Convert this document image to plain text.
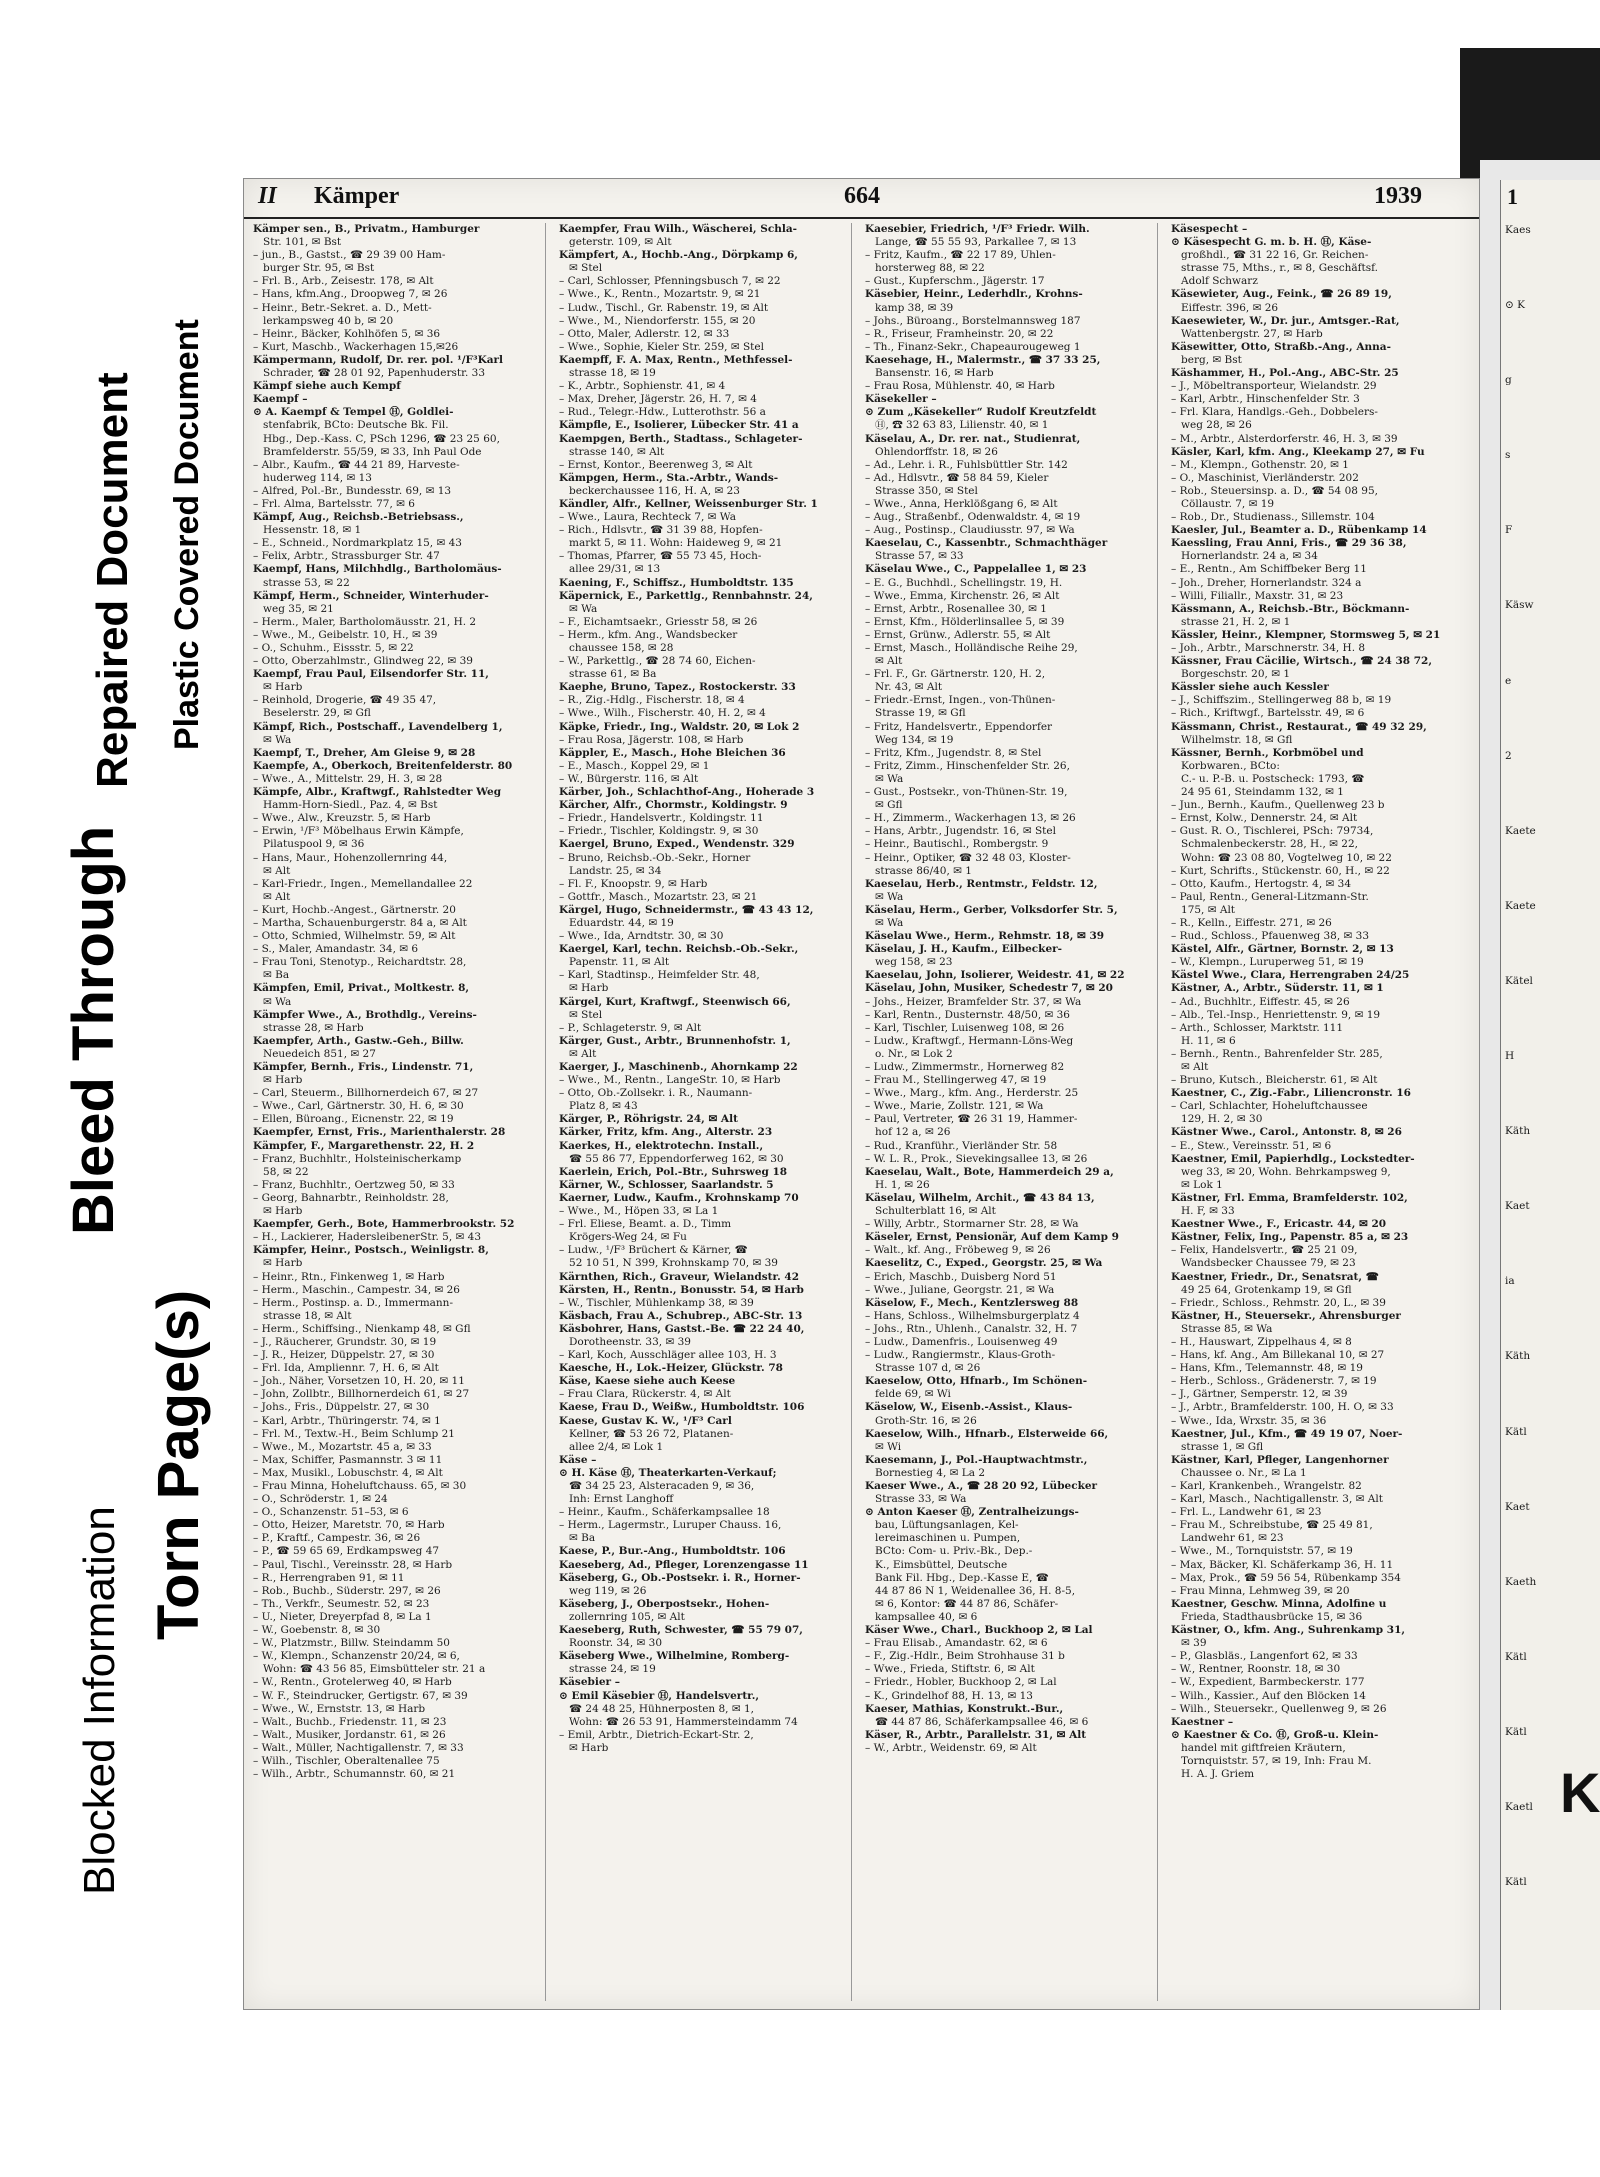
Blocked Information
Torn Page(s)
Bleed Through
Repaired Document Plastic Covered Document
II Kämper	664	1939
Kämper sen., B., Privatm., Hamburger
Str. 101, ✉ Bst
– jun., B., Gastst., ☎ 29 39 00 Ham-
burger Str. 95, ✉ Bst
– Frl. B., Arb., Zeisestr. 178, ✉ Alt
– Hans, kfm.Ang., Droopweg 7, ✉ 26
– Heinr., Betr.-Sekret. a. D., Mett-
lerkampsweg 40 b, ✉ 20
– Heinr., Bäcker, Kohlhöfen 5, ✉ 36
– Kurt, Maschb., Wackerhagen 15,✉26
Kämpermann, Rudolf, Dr. rer. pol. ¹/F³Karl
Schrader, ☎ 28 01 92, Papenhuderstr. 33
Kämpf siehe auch Kempf
Kaempf –
⊙ A. Kaempf & Tempel Ⓗ, Goldlei-
stenfabrik, BCto: Deutsche Bk. Fil.
Hbg., Dep.-Kass. C, PSch 1296, ☎ 23 25 60,
Bramfelderstr. 55/59, ✉ 33, Inh Paul Ode
– Albr., Kaufm., ☎ 44 21 89, Harveste-
huderweg 114, ✉ 13
– Alfred, Pol.-Br., Bundesstr. 69, ✉ 13
– Frl. Alma, Bartelsstr. 77, ✉ 6
Kämpf, Aug., Reichsb.-Betriebsass.,
Hessenstr. 18, ✉ 1
– E., Schneid., Nordmarkplatz 15, ✉ 43
– Felix, Arbtr., Strassburger Str. 47
Kaempf, Hans, Milchhdlg., Bartholomäus-
strasse 53, ✉ 22
Kämpf, Herm., Schneider, Winterhuder-
weg 35, ✉ 21
– Herm., Maler, Bartholomäusstr. 21, H. 2
– Wwe., M., Geibelstr. 10, H., ✉ 39
– O., Schuhm., Eissstr. 5, ✉ 22
– Otto, Oberzahlmstr., Glindweg 22, ✉ 39
Kaempf, Frau Paul, Eilsendorfer Str. 11,
✉ Harb
– Reinhold, Drogerie, ☎ 49 35 47,
Beselerstr. 29, ✉ Gfl
Kämpf, Rich., Postschaff., Lavendelberg 1,
✉ Wa
Kaempf, T., Dreher, Am Gleise 9, ✉ 28
Kaempfe, A., Oberkoch, Breitenfelderstr. 80
– Wwe., A., Mittelstr. 29, H. 3, ✉ 28
Kämpfe, Albr., Kraftwgf., Rahlstedter Weg
Hamm-Horn-Siedl., Paz. 4, ✉ Bst
– Wwe., Alw., Kreuzstr. 5, ✉ Harb
– Erwin, ¹/F³ Möbelhaus Erwin Kämpfe,
Pilatuspool 9, ✉ 36
– Hans, Maur., Hohenzollernring 44,
✉ Alt
– Karl-Friedr., Ingen., Memellandallee 22
✉ Alt
– Kurt, Hochb.-Angest., Gärtnerstr. 20
– Martha, Schauenburgerstr. 84 a, ✉ Alt
– Otto, Schmied, Wilhelmstr. 59, ✉ Alt
– S., Maler, Amandastr. 34, ✉ 6
– Frau Toni, Stenotyp., Reichardtstr. 28,
✉ Ba
Kämpfen, Emil, Privat., Moltkestr. 8,
✉ Wa
Kämpfer Wwe., A., Brothdlg., Vereins-
strasse 28, ✉ Harb
Kaempfer, Arth., Gastw.-Geh., Billw.
Neuedeich 851, ✉ 27
Kämpfer, Bernh., Fris., Lindenstr. 71,
✉ Harb
– Carl, Steuerm., Billhornerdeich 67, ✉ 27
– Wwe., Carl, Gärtnerstr. 30, H. 6, ✉ 30
– Ellen, Büroang., Eicnenstr. 22, ✉ 19
Kaempfer, Ernst, Fris., Marienthalerstr. 28
Kämpfer, F., Margarethenstr. 22, H. 2
– Franz, Buchhltr., Holsteinischerkamp
58, ✉ 22
– Franz, Buchhltr., Oertzweg 50, ✉ 33
– Georg, Bahnarbtr., Reinholdstr. 28,
✉ Harb
Kaempfer, Gerh., Bote, Hammerbrookstr. 52
– H., Lackierer, HadersleibenerStr. 5, ✉ 43
Kämpfer, Heinr., Postsch., Weinligstr. 8,
✉ Harb
– Heinr., Rtn., Finkenweg 1, ✉ Harb
– Herm., Maschin., Campestr. 34, ✉ 26
– Herm., Postinsp. a. D., Immermann-
strasse 18, ✉ Alt
– Herm., Schiffsing., Nienkamp 48, ✉ Gfl
– J., Räucherer, Grundstr. 30, ✉ 19
– J. R., Heizer, Düppelstr. 27, ✉ 30
– Frl. Ida, Ampliennr. 7, H. 6, ✉ Alt
– Joh., Näher, Vorsetzen 10, H. 20, ✉ 11
– John, Zollbtr., Billhornerdeich 61, ✉ 27
– Johs., Fris., Düppelstr. 27, ✉ 30
– Karl, Arbtr., Thüringerstr. 74, ✉ 1
– Frl. M., Textw.-H., Beim Schlump 21
– Wwe., M., Mozartstr. 45 a, ✉ 33
– Max, Schiffer, Pasmannstr. 3 ✉ 11
– Max, Musikl., Lobuschstr. 4, ✉ Alt
– Frau Minna, Hoheluftchauss. 65, ✉ 30
– O., Schröderstr. 1, ✉ 24
– O., Schanzenstr. 51–53, ✉ 6
– Otto, Heizer, Maretstr. 70, ✉ Harb
– P., Kraftf., Campestr. 36, ✉ 26
– P., ☎ 59 65 69, Erdkampsweg 47
– Paul, Tischl., Vereinsstr. 28, ✉ Harb
– R., Herrengraben 91, ✉ 11
– Rob., Buchb., Süderstr. 297, ✉ 26
– Th., Verkfr., Seumestr. 52, ✉ 23
– U., Nieter, Dreyerpfad 8, ✉ La 1
– W., Goebenstr. 8, ✉ 30
– W., Platzmstr., Billw. Steindamm 50
– W., Klempn., Schanzenstr 20/24, ✉ 6,
Wohn: ☎ 43 56 85, Eimsbütteler str. 21 a
– W., Rentn., Grotelerweg 40, ✉ Harb
– W. F., Steindrucker, Gertigstr. 67, ✉ 39
– Wwe., W., Ernststr. 13, ✉ Harb
– Walt., Buchb., Friedenstr. 11, ✉ 23
– Walt., Musiker, Jordanstr. 61, ✉ 26
– Walt., Müller, Nachtigallenstr. 7, ✉ 33
– Wilh., Tischler, Oberaltenallee 75
– Wilh., Arbtr., Schumannstr. 60, ✉ 21
Kaempfer, Frau Wilh., Wäscherei, Schla-
geterstr. 109, ✉ Alt
Kämpfert, A., Hochb.-Ang., Dörpkamp 6,
✉ Stel
– Carl, Schlosser, Pfenningsbusch 7, ✉ 22
– Wwe., K., Rentn., Mozartstr. 9, ✉ 21
– Ludw., Tischl., Gr. Rabenstr. 19, ✉ Alt
– Wwe., M., Niendorferstr. 155, ✉ 20
– Otto, Maler, Adlerstr. 12, ✉ 33
– Wwe., Sophie, Kieler Str. 259, ✉ Stel
Kaempff, F. A. Max, Rentn., Methfessel-
strasse 18, ✉ 19
– K., Arbtr., Sophienstr. 41, ✉ 4
– Max, Dreher, Jägerstr. 26, H. 7, ✉ 4
– Rud., Telegr.-Hdw., Lutterothstr. 56 a
Kämpfle, E., Isolierer, Lübecker Str. 41 a
Kaempgen, Berth., Stadtass., Schlageter-
strasse 140, ✉ Alt
– Ernst, Kontor., Beerenweg 3, ✉ Alt
Kämpgen, Herm., Sta.-Arbtr., Wands-
beckerchaussee 116, H. A, ✉ 23
Kändler, Alfr., Kellner, Weissenburger Str. 1
– Wwe., Laura, Rechteck 7, ✉ Wa
– Rich., Hdlsvtr., ☎ 31 39 88, Hopfen-
markt 5, ✉ 11. Wohn: Haideweg 9, ✉ 21
– Thomas, Pfarrer, ☎ 55 73 45, Hoch-
allee 29/31, ✉ 13
Kaening, F., Schiffsz., Humboldtstr. 135
Käpernick, E., Parkettlg., Rennbahnstr. 24,
✉ Wa
– F., Eichamtsaekr., Griesstr 58, ✉ 26
– Herm., kfm. Ang., Wandsbecker
chaussee 158, ✉ 28
– W., Parkettlg., ☎ 28 74 60, Eichen-
strasse 61, ✉ Ba
Kaephe, Bruno, Tapez., Rostockerstr. 33
– R., Zig.-Hdlg., Fischerstr. 18, ✉ 4
– Wwe., Wilh., Fischerstr. 40, H. 2, ✉ 4
Käpke, Friedr., Ing., Waldstr. 20, ✉ Lok 2
– Frau Rosa, Jägerstr. 108, ✉ Harb
Käppler, E., Masch., Hohe Bleichen 36
– E., Masch., Koppel 29, ✉ 1
– W., Bürgerstr. 116, ✉ Alt
Kärber, Joh., Schlachthof-Ang., Hoherade 3
Kärcher, Alfr., Chormstr., Koldingstr. 9
– Friedr., Handelsvertr., Koldingstr. 11
– Friedr., Tischler, Koldingstr. 9, ✉ 30
Kaergel, Bruno, Exped., Wendenstr. 329
– Bruno, Reichsb.-Ob.-Sekr., Horner
Landstr. 25, ✉ 34
– Fl. F., Knoopstr. 9, ✉ Harb
– Gottfr., Masch., Mozartstr. 23, ✉ 21
Kärgel, Hugo, Schneidermstr., ☎ 43 43 12,
Eduardstr. 44, ✉ 19
– Wwe., Ida, Arndtstr. 30, ✉ 30
Kaergel, Karl, techn. Reichsb.-Ob.-Sekr.,
Papenstr. 11, ✉ Alt
– Karl, Stadtinsp., Heimfelder Str. 48,
✉ Harb
Kärgel, Kurt, Kraftwgf., Steenwisch 66,
✉ Stel
– P., Schlageterstr. 9, ✉ Alt
Kärger, Gust., Arbtr., Brunnenhofstr. 1,
✉ Alt
Kaerger, J., Maschinenb., Ahornkamp 22
– Wwe., M., Rentn., LangeStr. 10, ✉ Harb
– Otto, Ob.-Zollsekr. i. R., Naumann-
Platz 8, ✉ 43
Kärger, P., Röhrigstr. 24, ✉ Alt
Kärker, Fritz, kfm. Ang., Alterstr. 23
Kaerkes, H., elektrotechn. Install.,
☎ 55 86 77, Eppendorferweg 162, ✉ 30
Kaerlein, Erich, Pol.-Btr., Suhrsweg 18
Kärner, W., Schlosser, Saarlandstr. 5
Kaerner, Ludw., Kaufm., Krohnskamp 70
– Wwe., M., Höpen 33, ✉ La 1
– Frl. Eliese, Beamt. a. D., Timm
Krögers-Weg 24, ✉ Fu
– Ludw., ¹/F³ Brüchert & Kärner, ☎
52 10 51, N 399, Krohnskamp 70, ✉ 39
Kärnthen, Rich., Graveur, Wielandstr. 42
Kärsten, H., Rentn., Bonusstr. 54, ✉ Harb
– W., Tischler, Mühlenkamp 38, ✉ 39
Käsbach, Frau A., Schubrep., ABC-Str. 13
Käsbohrer, Hans, Gastst.-Be. ☎ 22 24 40,
Dorotheenstr. 33, ✉ 39
– Karl, Koch, Ausschläger allee 103, H. 3
Kaesche, H., Lok.-Heizer, Glückstr. 78
Käse, Kaese siehe auch Keese
– Frau Clara, Rückerstr. 4, ✉ Alt
Kaese, Frau D., Weißw., Humboldtstr. 106
Kaese, Gustav K. W., ¹/F³ Carl
Kellner, ☎ 53 26 72, Platanen-
allee 2/4, ✉ Lok 1
Käse –
⊙ H. Käse Ⓗ, Theaterkarten-Verkauf;
☎ 34 25 23, Alsteracaden 9, ✉ 36,
Inh: Ernst Langhoff
– Heinr., Kaufm., Schäferkampsallee 18
– Herm., Lagermstr., Luruper Chauss. 16,
✉ Ba
Kaese, P., Bur.-Ang., Humboldtstr. 106
Kaeseberg, Ad., Pfleger, Lorenzengasse 11
Käseberg, G., Ob.-Postsekr. i. R., Horner-
weg 119, ✉ 26
Käseberg, J., Oberpostsekr., Hohen-
zollernring 105, ✉ Alt
Kaeseberg, Ruth, Schwester, ☎ 55 79 07,
Roonstr. 34, ✉ 30
Käseberg Wwe., Wilhelmine, Romberg-
strasse 24, ✉ 19
Käsebier –
⊙ Emil Käsebier Ⓗ, Handelsvertr.,
☎ 24 48 25, Hühnerposten 8, ✉ 1,
Wohn: ☎ 26 53 91, Hammersteindamm 74
– Emil, Arbtr., Dietrich-Eckart-Str. 2,
✉ Harb
Kaesebier, Friedrich, ¹/F³ Friedr. Wilh.
Lange, ☎ 55 55 93, Parkallee 7, ✉ 13
– Fritz, Kaufm., ☎ 22 17 89, Uhlen-
horsterweg 88, ✉ 22
– Gust., Kupferschm., Jägerstr. 17
Käsebier, Heinr., Lederhdlr., Krohns-
kamp 38, ✉ 39
– Johs., Büroang., Borstelmannsweg 187
– R., Friseur, Framheinstr. 20, ✉ 22
– Th., Finanz-Sekr., Chapeaurougeweg 1
Kaesehage, H., Malermstr., ☎ 37 33 25,
Bansenstr. 16, ✉ Harb
– Frau Rosa, Mühlenstr. 40, ✉ Harb
Käsekeller –
⊙ Zum „Käsekeller“ Rudolf Kreutzfeldt
Ⓗ, ☎ 32 63 83, Lilienstr. 40, ✉ 1
Käselau, A., Dr. rer. nat., Studienrat,
Ohlendorffstr. 18, ✉ 26
– Ad., Lehr. i. R., Fuhlsbüttler Str. 142
– Ad., Hdlsvtr., ☎ 58 84 59, Kieler
Strasse 350, ✉ Stel
– Wwe., Anna, Herklößgang 6, ✉ Alt
– Aug., Straßenbf., Odenwaldstr. 4, ✉ 19
– Aug., Postinsp., Claudiusstr. 97, ✉ Wa
Kaeselau, C., Kassenbtr., Schmachthäger
Strasse 57, ✉ 33
Käselau Wwe., C., Pappelallee 1, ✉ 23
– E. G., Buchhdl., Schellingstr. 19, H.
– Wwe., Emma, Kirchenstr. 26, ✉ Alt
– Ernst, Arbtr., Rosenallee 30, ✉ 1
– Ernst, Kfm., Hölderlinsallee 5, ✉ 39
– Ernst, Grünw., Adlerstr. 55, ✉ Alt
– Ernst, Masch., Holländische Reihe 29,
✉ Alt
– Frl. F., Gr. Gärtnerstr. 120, H. 2,
Nr. 43, ✉ Alt
– Friedr.-Ernst, Ingen., von-Thünen-
Strasse 19, ✉ Gfl
– Fritz, Handelsvertr., Eppendorfer
Weg 134, ✉ 19
– Fritz, Kfm., Jugendstr. 8, ✉ Stel
– Fritz, Zimm., Hinschenfelder Str. 26,
✉ Wa
– Gust., Postsekr., von-Thünen-Str. 19,
✉ Gfl
– H., Zimmerm., Wackerhagen 13, ✉ 26
– Hans, Arbtr., Jugendstr. 16, ✉ Stel
– Heinr., Bautischl., Rombergstr. 9
– Heinr., Optiker, ☎ 32 48 03, Kloster-
strasse 86/40, ✉ 1
Kaeselau, Herb., Rentmstr., Feldstr. 12,
✉ Wa
Käselau, Herm., Gerber, Volksdorfer Str. 5,
✉ Wa
Käselau Wwe., Herm., Rehmstr. 18, ✉ 39
Käselau, J. H., Kaufm., Eilbecker-
weg 158, ✉ 23
Kaeselau, John, Isolierer, Weidestr. 41, ✉ 22
Käselau, John, Musiker, Schedestr 7, ✉ 20
– Johs., Heizer, Bramfelder Str. 37, ✉ Wa
– Karl, Rentn., Dusternstr. 48/50, ✉ 36
– Karl, Tischler, Luisenweg 108, ✉ 26
– Ludw., Kraftwgf., Hermann-Löns-Weg
o. Nr., ✉ Lok 2
– Ludw., Zimmermstr., Hornerweg 82
– Frau M., Stellingerweg 47, ✉ 19
– Wwe., Marg., kfm. Ang., Herderstr. 25
– Wwe., Marie, Zollstr. 121, ✉ Wa
– Paul, Vertreter, ☎ 26 31 19, Hammer-
hof 12 a, ✉ 26
– Rud., Kranführ., Vierländer Str. 58
– W. L. R., Prok., Sievekingsallee 13, ✉ 26
Kaeselau, Walt., Bote, Hammerdeich 29 a,
H. 1, ✉ 26
Käselau, Wilhelm, Archit., ☎ 43 84 13,
Schulterblatt 16, ✉ Alt
– Willy, Arbtr., Stormarner Str. 28, ✉ Wa
Käseler, Ernst, Pensionär, Auf dem Kamp 9
– Walt., kf. Ang., Fröbeweg 9, ✉ 26
Kaeselitz, C., Exped., Georgstr. 25, ✉ Wa
– Erich, Maschb., Duisberg Nord 51
– Wwe., Juliane, Georgstr. 21, ✉ Wa
Käselow, F., Mech., Kentzlersweg 88
– Hans, Schloss., Wilhelmsburgerplatz 4
– Johs., Rtn., Uhlenh., Canalstr. 32, H. 7
– Ludw., Damenfris., Louisenweg 49
– Ludw., Rangiermstr., Klaus-Groth-
Strasse 107 d, ✉ 26
Kaeselow, Otto, Hfnarb., Im Schönen-
felde 69, ✉ Wi
Käselow, W., Eisenb.-Assist., Klaus-
Groth-Str. 16, ✉ 26
Kaeselow, Wilh., Hfnarb., Elsterweide 66,
✉ Wi
Kaesemann, J., Pol.-Hauptwachtmstr.,
Bornestieg 4, ✉ La 2
Kaeser Wwe., A., ☎ 28 20 92, Lübecker
Strasse 33, ✉ Wa
⊙ Anton Kaeser Ⓗ, Zentralheizungs-
bau, Lüftungsanlagen, Kel-
lereimaschinen u. Pumpen,
BCto: Com- u. Priv.-Bk., Dep.-
K., Eimsbüttel, Deutsche
Bank Fil. Hbg., Dep.-Kasse E, ☎
44 87 86 N 1, Weidenallee 36, H. 8-5,
✉ 6, Kontor: ☎ 44 87 86, Schäfer-
kampsallee 40, ✉ 6
Käser Wwe., Charl., Buckhoop 2, ✉ Lal
– Frau Elisab., Amandastr. 62, ✉ 6
– F., Zig.-Hdlr., Beim Strohhause 31 b
– Wwe., Frieda, Stiftstr. 6, ✉ Alt
– Friedr., Hobler, Buckhoop 2, ✉ Lal
– K., Grindelhof 88, H. 13, ✉ 13
Kaeser, Mathias, Konstrukt.-Bur.,
☎ 44 87 86, Schäferkampsallee 46, ✉ 6
Käser, R., Arbtr., Parallelstr. 31, ✉ Alt
– W., Arbtr., Weidenstr. 69, ✉ Alt
Käsespecht –
⊙ Käsespecht G. m. b. H. Ⓗ, Käse-
großhdl., ☎ 31 22 16, Gr. Reichen-
strasse 75, Mths., r., ✉ 8, Geschäftsf.
Adolf Schwarz
Käsewieter, Aug., Feink., ☎ 26 89 19,
Eiffestr. 396, ✉ 26
Kaesewieter, W., Dr. jur., Amtsger.-Rat,
Wattenbergstr. 27, ✉ Harb
Käsewitter, Otto, Straßb.-Ang., Anna-
berg, ✉ Bst
Käshammer, H., Pol.-Ang., ABC-Str. 25
– J., Möbeltransporteur, Wielandstr. 29
– Karl, Arbtr., Hinschenfelder Str. 3
– Frl. Klara, Handlgs.-Geh., Dobbelers-
weg 28, ✉ 26
– M., Arbtr., Alsterdorferstr. 46, H. 3, ✉ 39
Käsler, Karl, kfm. Ang., Kleekamp 27, ✉ Fu
– M., Klempn., Gothenstr. 20, ✉ 1
– O., Maschinist, Vierländerstr. 202
– Rob., Steuersinsp. a. D., ☎ 54 08 95,
Cöllaustr. 7, ✉ 19
– Rob., Dr., Studienass., Sillemstr. 104
Kaesler, Jul., Beamter a. D., Rübenkamp 14
Kaessling, Frau Anni, Fris., ☎ 29 36 38,
Hornerlandstr. 24 a, ✉ 34
– E., Rentn., Am Schiffbeker Berg 11
– Joh., Dreher, Hornerlandstr. 324 a
– Willi, Filiallr., Maxstr. 31, ✉ 23
Kässmann, A., Reichsb.-Btr., Böckmann-
strasse 21, H. 2, ✉ 1
Kässler, Heinr., Klempner, Stormsweg 5, ✉ 21
– Joh., Arbtr., Marschnerstr. 34, H. 8
Kässner, Frau Cäcilie, Wirtsch., ☎ 24 38 72,
Borgeschstr. 20, ✉ 1
Kässler siehe auch Kessler
– J., Schiffszim., Stellingerweg 88 b, ✉ 19
– Rich., Kriftwgf., Bartelsstr. 49, ✉ 6
Kässmann, Christ., Restaurat., ☎ 49 32 29,
Wilhelmstr. 18, ✉ Gfl
Kässner, Bernh., Korbmöbel und
Korbwaren., BCto:
C.- u. P.-B. u. Postscheck: 1793, ☎
24 95 61, Steindamm 132, ✉ 1
– Jun., Bernh., Kaufm., Quellenweg 23 b
– Ernst, Kolw., Dennerstr. 24, ✉ Alt
– Gust. R. O., Tischlerei, PSch: 79734,
Schmalenbeckerstr. 28, H., ✉ 22,
Wohn: ☎ 23 08 80, Vogtelweg 10, ✉ 22
– Kurt, Schrifts., Stückenstr. 60, H., ✉ 22
– Otto, Kaufm., Hertogstr. 4, ✉ 34
– Paul, Rentn., General-Litzmann-Str.
175, ✉ Alt
– R., Kelln., Eiffestr. 271, ✉ 26
– Rud., Schloss., Pfauenweg 38, ✉ 33
Kästel, Alfr., Gärtner, Bornstr. 2, ✉ 13
– W., Klempn., Luruperweg 51, ✉ 19
Kästel Wwe., Clara, Herrengraben 24/25
Kästner, A., Arbtr., Süderstr. 11, ✉ 1
– Ad., Buchhltr., Eiffestr. 45, ✉ 26
– Alb., Tel.-Insp., Henriettenstr. 9, ✉ 19
– Arth., Schlosser, Marktstr. 111
H. 11, ✉ 6
– Bernh., Rentn., Bahrenfelder Str. 285,
✉ Alt
– Bruno, Kutsch., Bleicherstr. 61, ✉ Alt
Kaestner, C., Zig.-Fabr., Liliencronstr. 16
– Carl, Schlachter, Hoheluftchaussee
129, H. 2, ✉ 30
Kästner Wwe., Carol., Antonstr. 8, ✉ 26
– E., Stew., Vereinsstr. 51, ✉ 6
Kaestner, Emil, Papierhdlg., Lockstedter-
weg 33, ✉ 20, Wohn. Behrkampsweg 9,
✉ Lok 1
Kästner, Frl. Emma, Bramfelderstr. 102,
H. F, ✉ 33
Kaestner Wwe., F., Ericastr. 44, ✉ 20
Kästner, Felix, Ing., Papenstr. 85 a, ✉ 23
– Felix, Handelsvertr., ☎ 25 21 09,
Wandsbecker Chaussee 79, ✉ 23
Kaestner, Friedr., Dr., Senatsrat, ☎
49 25 64, Grotenkamp 19, ✉ Gfl
– Friedr., Schloss., Rehmstr. 20, L., ✉ 39
Kästner, H., Steuersekr., Ahrensburger
Strasse 85, ✉ Wa
– H., Hauswart, Zippelhaus 4, ✉ 8
– Hans, kf. Ang., Am Billekanal 10, ✉ 27
– Hans, Kfm., Telemannstr. 48, ✉ 19
– Herb., Schloss., Grädenerstr. 7, ✉ 19
– J., Gärtner, Semperstr. 12, ✉ 39
– J., Arbtr., Bramfelderstr. 100, H. O, ✉ 33
– Wwe., Ida, Wrxstr. 35, ✉ 36
Kaestner, Jul., Kfm., ☎ 49 19 07, Noer-
strasse 1, ✉ Gfl
Kästner, Karl, Pfleger, Langenhorner
Chaussee o. Nr., ✉ La 1
– Karl, Krankenbeh., Wrangelstr. 82
– Karl, Masch., Nachtigallenstr. 3, ✉ Alt
– Frl. L., Landwehr 61, ✉ 23
– Frau M., Schreibstube, ☎ 25 49 81,
Landwehr 61, ✉ 23
– Wwe., M., Tornquiststr. 57, ✉ 19
– Max, Bäcker, Kl. Schäferkamp 36, H. 11
– Max, Prok., ☎ 59 56 54, Rübenkamp 354
– Frau Minna, Lehmweg 39, ✉ 20
Kaestner, Geschw. Minna, Adolfine u
Frieda, Stadthausbrücke 15, ✉ 36
Kästner, O., kfm. Ang., Suhrenkamp 31,
✉ 39
– P., Glasbläs., Langenfort 62, ✉ 33
– W., Rentner, Roonstr. 18, ✉ 30
– W., Expedient, Barmbeckerstr. 177
– Wilh., Kassier., Auf den Blöcken 14
– Wilh., Steuersekr., Quellenweg 9, ✉ 26
Kaestner –
⊙ Kaestner & Co. Ⓗ, Groß-u. Klein-
handel mit giftfreien Kräutern,
Tornquiststr. 57, ✉ 19, Inh: Frau M.
H. A. J. Griem
1
Kaes
⊙ K
g
s
F
Käsw
e
2
Kaete
Kaete
Kätel
H
Käth
Kaet
ia
Käth
Kätl
Kaet
Kaeth
Kätl
Kätl
Kaetl
Kätl
K
